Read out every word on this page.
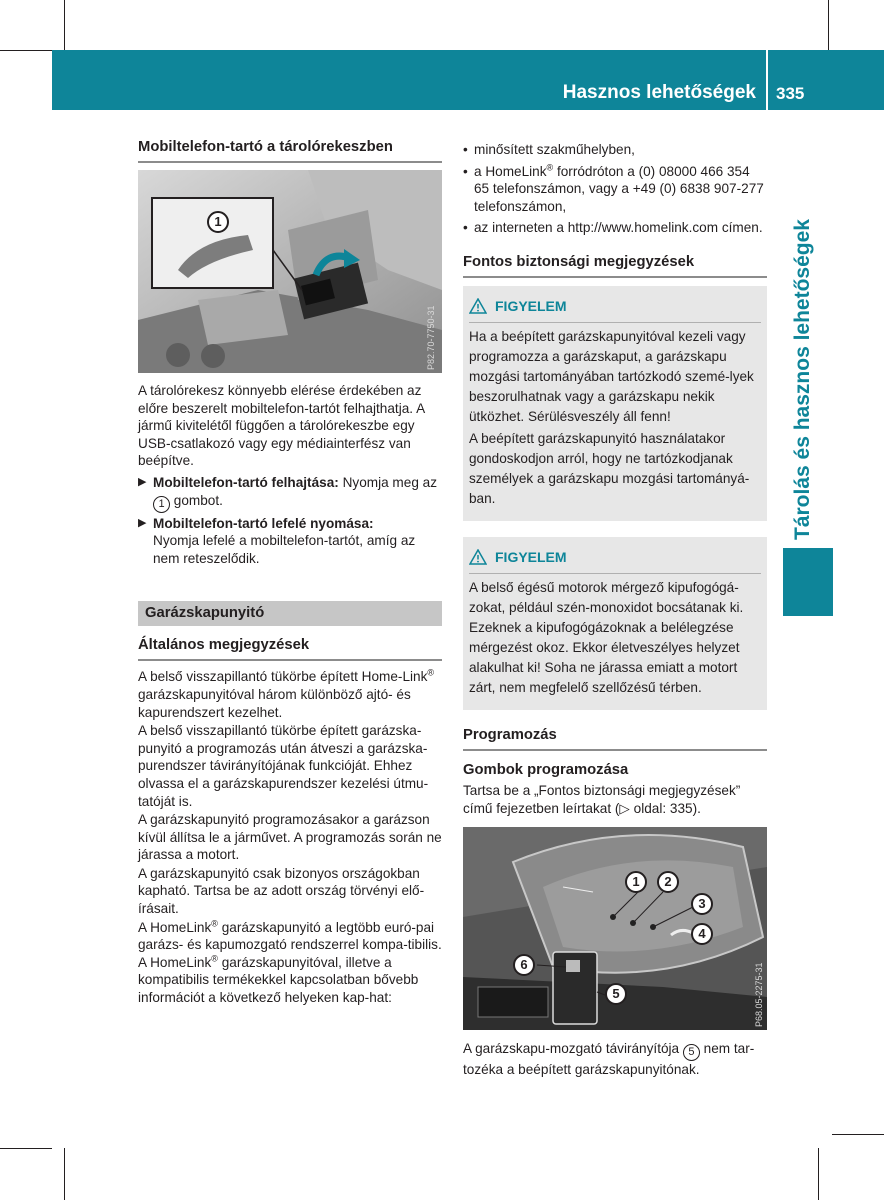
Hasznos lehetőségek 335
Tárolás és hasznos lehetőségek
Mobiltelefon-tartó a tárolórekeszben
1
P82.70-7750-31

A tárolórekesz könnyebb elérése érdekében az előre beszerelt mobiltelefon-tartót felhajthatja. A jármű kivitelétől függően a tárolórekeszbe egy USB-csatlakozó vagy egy médiainterfész van beépítve.

▶ Mobiltelefon-tartó felhajtása: Nyomja meg az 1 gombot.
▶ Mobiltelefon-tartó lefelé nyomása:
Nyomja lefelé a mobiltelefon-tartót, amíg az nem reteszelődik.
Garázskapunyitó
Általános megjegyzések

A belső visszapillantó tükörbe épített Home-Link® garázskapunyitóval három különböző ajtó- és kapurendszert kezelhet.

A belső visszapillantó tükörbe épített garázska-punyitó a programozás után átveszi a garázska-purendszer távirányítójának funkcióját. Ehhez olvassa el a garázskapurendszer kezelési útmu-tatóját is.

A garázskapunyitó programozásakor a garázson kívül állítsa le a járművet. A programozás során ne járassa a motort.

A garázskapunyitó csak bizonyos országokban kapható. Tartsa be az adott ország törvényi elő-írásait.

A HomeLink® garázskapunyitó a legtöbb euró-pai garázs- és kapumozgató rendszerrel kompa-tibilis. A HomeLink® garázskapunyitóval, illetve a kompatibilis termékekkel kapcsolatban bővebb információt a következő helyeken kap-hat:

• minősített szakműhelyben,
• a HomeLink® forródróton a (0) 08000 466 354 65 telefonszámon, vagy a +49 (0) 6838 907-277 telefonszámon,
• az interneten a http://www.homelink.com címen.
Fontos biztonsági megjegyzések
FIGYELEM

Ha a beépített garázskapunyitóval kezeli vagy programozza a garázskaput, a garázskapu mozgási tartományában tartózkodó szemé-lyek beszorulhatnak vagy a garázskapu nekik ütközhet. Sérülésveszély áll fenn!

A beépített garázskapunyitó használatakor gondoskodjon arról, hogy ne tartózkodjanak személyek a garázskapu mozgási tartományá-ban.

FIGYELEM

A belső égésű motorok mérgező kipufogógá-zokat, például szén-monoxidot bocsátanak ki. Ezeknek a kipufogógázoknak a belélegzése mérgezést okoz. Ekkor életveszélyes helyzet alakulhat ki! Soha ne járassa emiatt a motort zárt, nem megfelelő szellőzésű térben.

Programozás
Gombok programozása

Tartsa be a „Fontos biztonsági megjegyzések” című fejezetben leírtakat (▷ oldal: 335).

1	2
3
4
5
6	P68.05-2275-31

A garázskapu-mozgató távirányítója 5 nem tar-tozéka a beépített garázskapunyitónak.
